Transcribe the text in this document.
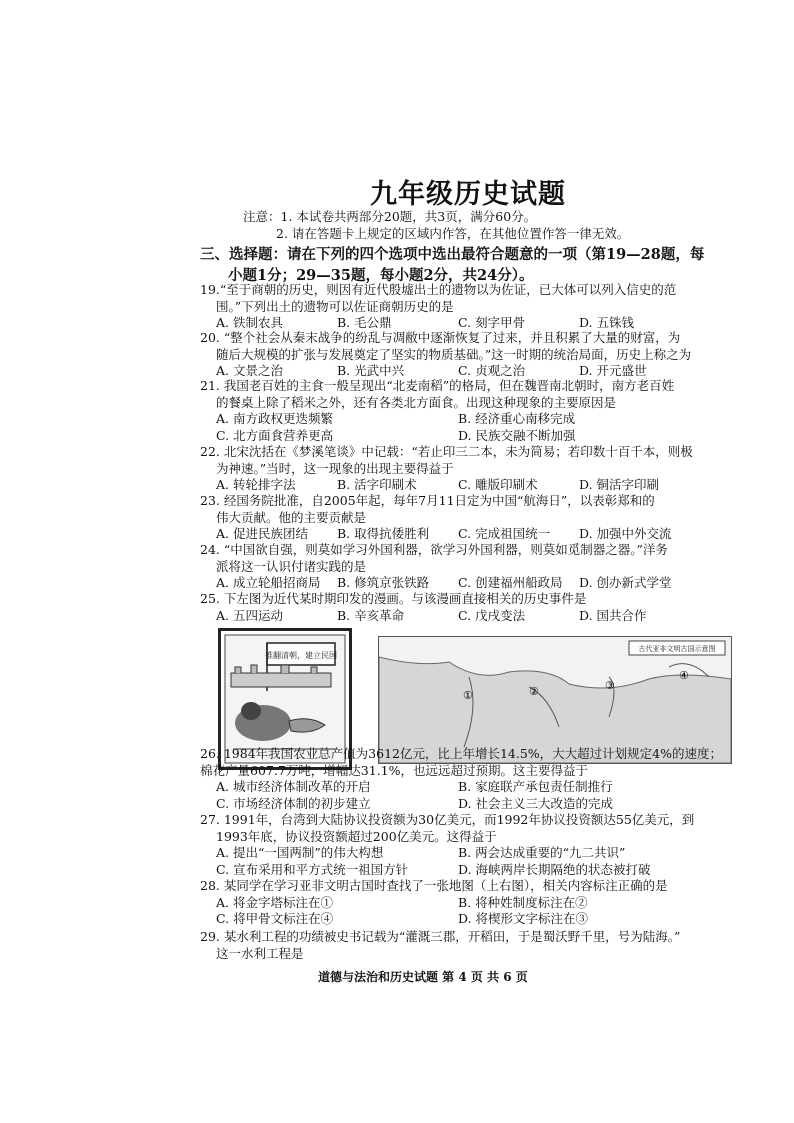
九年级历史试题
注意：1. 本试卷共两部分20题，共3页，满分60分。
2. 请在答题卡上规定的区域内作答，在其他位置作答一律无效。
三、选择题：请在下列的四个选项中选出最符合题意的一项（第19—28题，每
小题1分；29—35题，每小题2分，共24分）。
19.“至于商朝的历史，则因有近代殷墟出土的遗物以为佐证，已大体可以列入信史的范
围。”下列出土的遗物可以佐证商朝历史的是
A. 铁制农具	B. 毛公鼎	C. 刻字甲骨	D. 五铢钱
20. “整个社会从秦末战争的纷乱与凋敝中逐渐恢复了过来，并且积累了大量的财富，为
随后大规模的扩张与发展奠定了坚实的物质基础。”这一时期的统治局面，历史上称之为
A. 文景之治	B. 光武中兴	C. 贞观之治	D. 开元盛世
21. 我国老百姓的主食一般呈现出“北麦南稻”的格局，但在魏晋南北朝时，南方老百姓
的餐桌上除了稻米之外，还有各类北方面食。出现这种现象的主要原因是
A. 南方政权更迭频繁	B. 经济重心南移完成
C. 北方面食营养更高	D. 民族交融不断加强
22. 北宋沈括在《梦溪笔谈》中记载：“若止印三二本，未为简易；若印数十百千本，则极
为神速。”当时，这一现象的出现主要得益于
A. 转轮排字法	B. 活字印刷术	C. 雕版印刷术	D. 铜活字印刷
23. 经国务院批准，自2005年起，每年7月11日定为中国“航海日”，以表彰郑和的
伟大贡献。他的主要贡献是
A. 促进民族团结	B. 取得抗倭胜利	C. 完成祖国统一	D. 加强中外交流
24. “中国欲自强，则莫如学习外国利器，欲学习外国利器，则莫如觅制器之器。”洋务
派将这一认识付诸实践的是
A. 成立轮船招商局	B. 修筑京张铁路	C. 创建福州船政局	D. 创办新式学堂
25. 下左图为近代某时期印发的漫画。与该漫画直接相关的历史事件是
A. 五四运动	B. 辛亥革命	C. 戊戌变法	D. 国共合作
推翻清朝，建立民国
古代亚非文明古国示意图
①	②	③
④
26. 1984年我国农业总产值为3612亿元，比上年增长14.5%，大大超过计划规定4%的速度；
棉花产量607.7万吨，增幅达31.1%，也远远超过预期。这主要得益于
A. 城市经济体制改革的开启	B. 家庭联产承包责任制推行
C. 市场经济体制的初步建立	D. 社会主义三大改造的完成
27. 1991年，台湾到大陆协议投资额为30亿美元，而1992年协议投资额达55亿美元，到
1993年底，协议投资额超过200亿美元。这得益于
A. 提出“一国两制”的伟大构想	B. 两会达成重要的“九二共识”
C. 宣布采用和平方式统一祖国方针	D. 海峡两岸长期隔绝的状态被打破
28. 某同学在学习亚非文明古国时查找了一张地图（上右图），相关内容标注正确的是
A. 将金字塔标注在①	B. 将种姓制度标注在②
C. 将甲骨文标注在④	D. 将楔形文字标注在③
29. 某水利工程的功绩被史书记载为“灌溉三郡，开稻田，于是蜀沃野千里，号为陆海。”
这一水利工程是
道德与法治和历史试题 第 4 页 共 6 页
